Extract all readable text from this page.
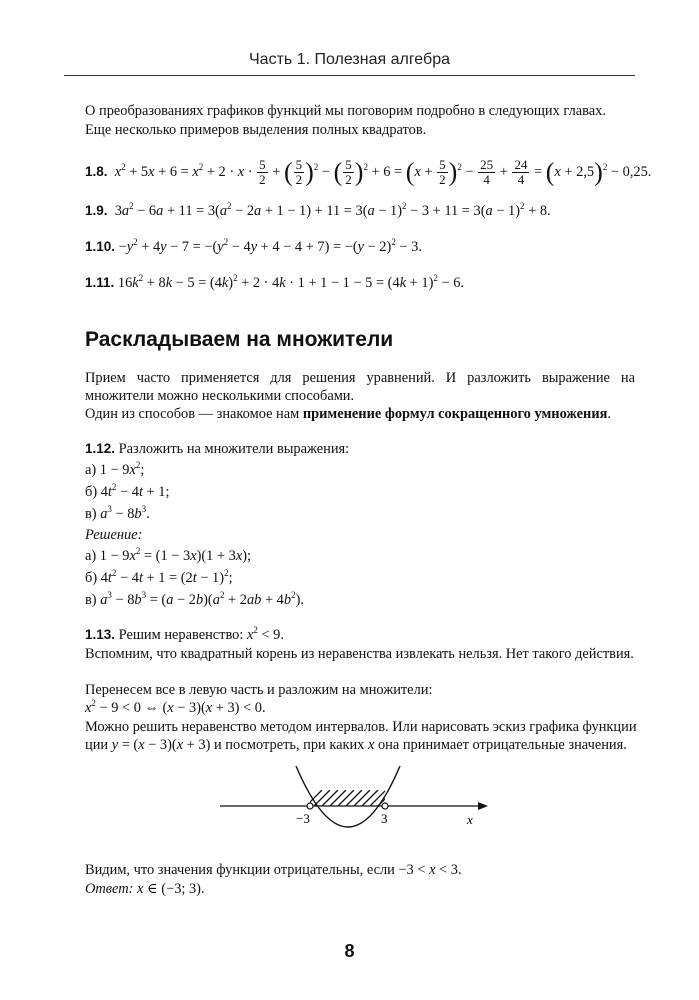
Часть 1. Полезная алгебра
О преобразованиях графиков функций мы поговорим подробно в следующих главах.
Еще несколько примеров выделения полных квадратов.
1.8. $x^2 + 5x + 6 = x^2 + 2 \cdot x \cdot \frac{5}{2}$ + ( $\frac{5}{2} )^2$ − ( $\frac{5}{2} )^2 + 6 = (x + \frac{5}{2} )^2 - \frac{25}{4} + \frac{24}{4} = (x + 2,5)^2 - 0,25$.
1.9.  $3a^2 - 6a + 11 = 3(a^2 - 2a + 1 - 1) + 11 = 3(a - 1)^2 - 3 + 11 = 3(a - 1)^2 + 8$.
1.10. $-y^2 + 4y - 7 = -(y^2 - 4y + 4 - 4 + 7) = -(y - 2)^2 - 3$.
1.11. $16k^2 + 8k - 5 = (4k)^2 + 2 \cdot 4k \cdot 1 + 1 - 1 - 5 = (4k + 1)^2 - 6$.
Раскладываем на множители
Прием часто применяется для решения уравнений. И разложить выражение на множители можно несколькими способами.
Один из способов — знакомое нам применение формул сокращенного умножения.
1.12. Разложить на множители выражения:
а) $1 - 9x^2$;
б) $4t^2 - 4t + 1$;
в) $a^3 - 8b^3$.
Решение:
а) $1 - 9x^2 = (1 - 3x)(1 + 3x)$;
б) $4t^2 - 4t + 1 = (2t - 1)^2$;
в) $a^3 - 8b^3 = (a - 2b)(a^2 + 2ab + 4b^2)$.
1.13. Решим неравенство: $x^2 < 9$.
Вспомним, что квадратный корень из неравенства извлекать нельзя. Нет такого действия.
Перенесем все в левую часть и разложим на множители:
$x^2 - 9 < 0$ ⇔ (x − 3)(x + 3) < 0.
Можно решить неравенство методом интервалов. Или нарисовать эскиз графика функции
ции y = (x − 3)(x + 3) и посмотреть, при каких x она принимает отрицательные значения.
−3	3	x
Видим, что значения функции отрицательны, если −3 < x < 3.
Ответ: x ∈ (−3; 3).
8
